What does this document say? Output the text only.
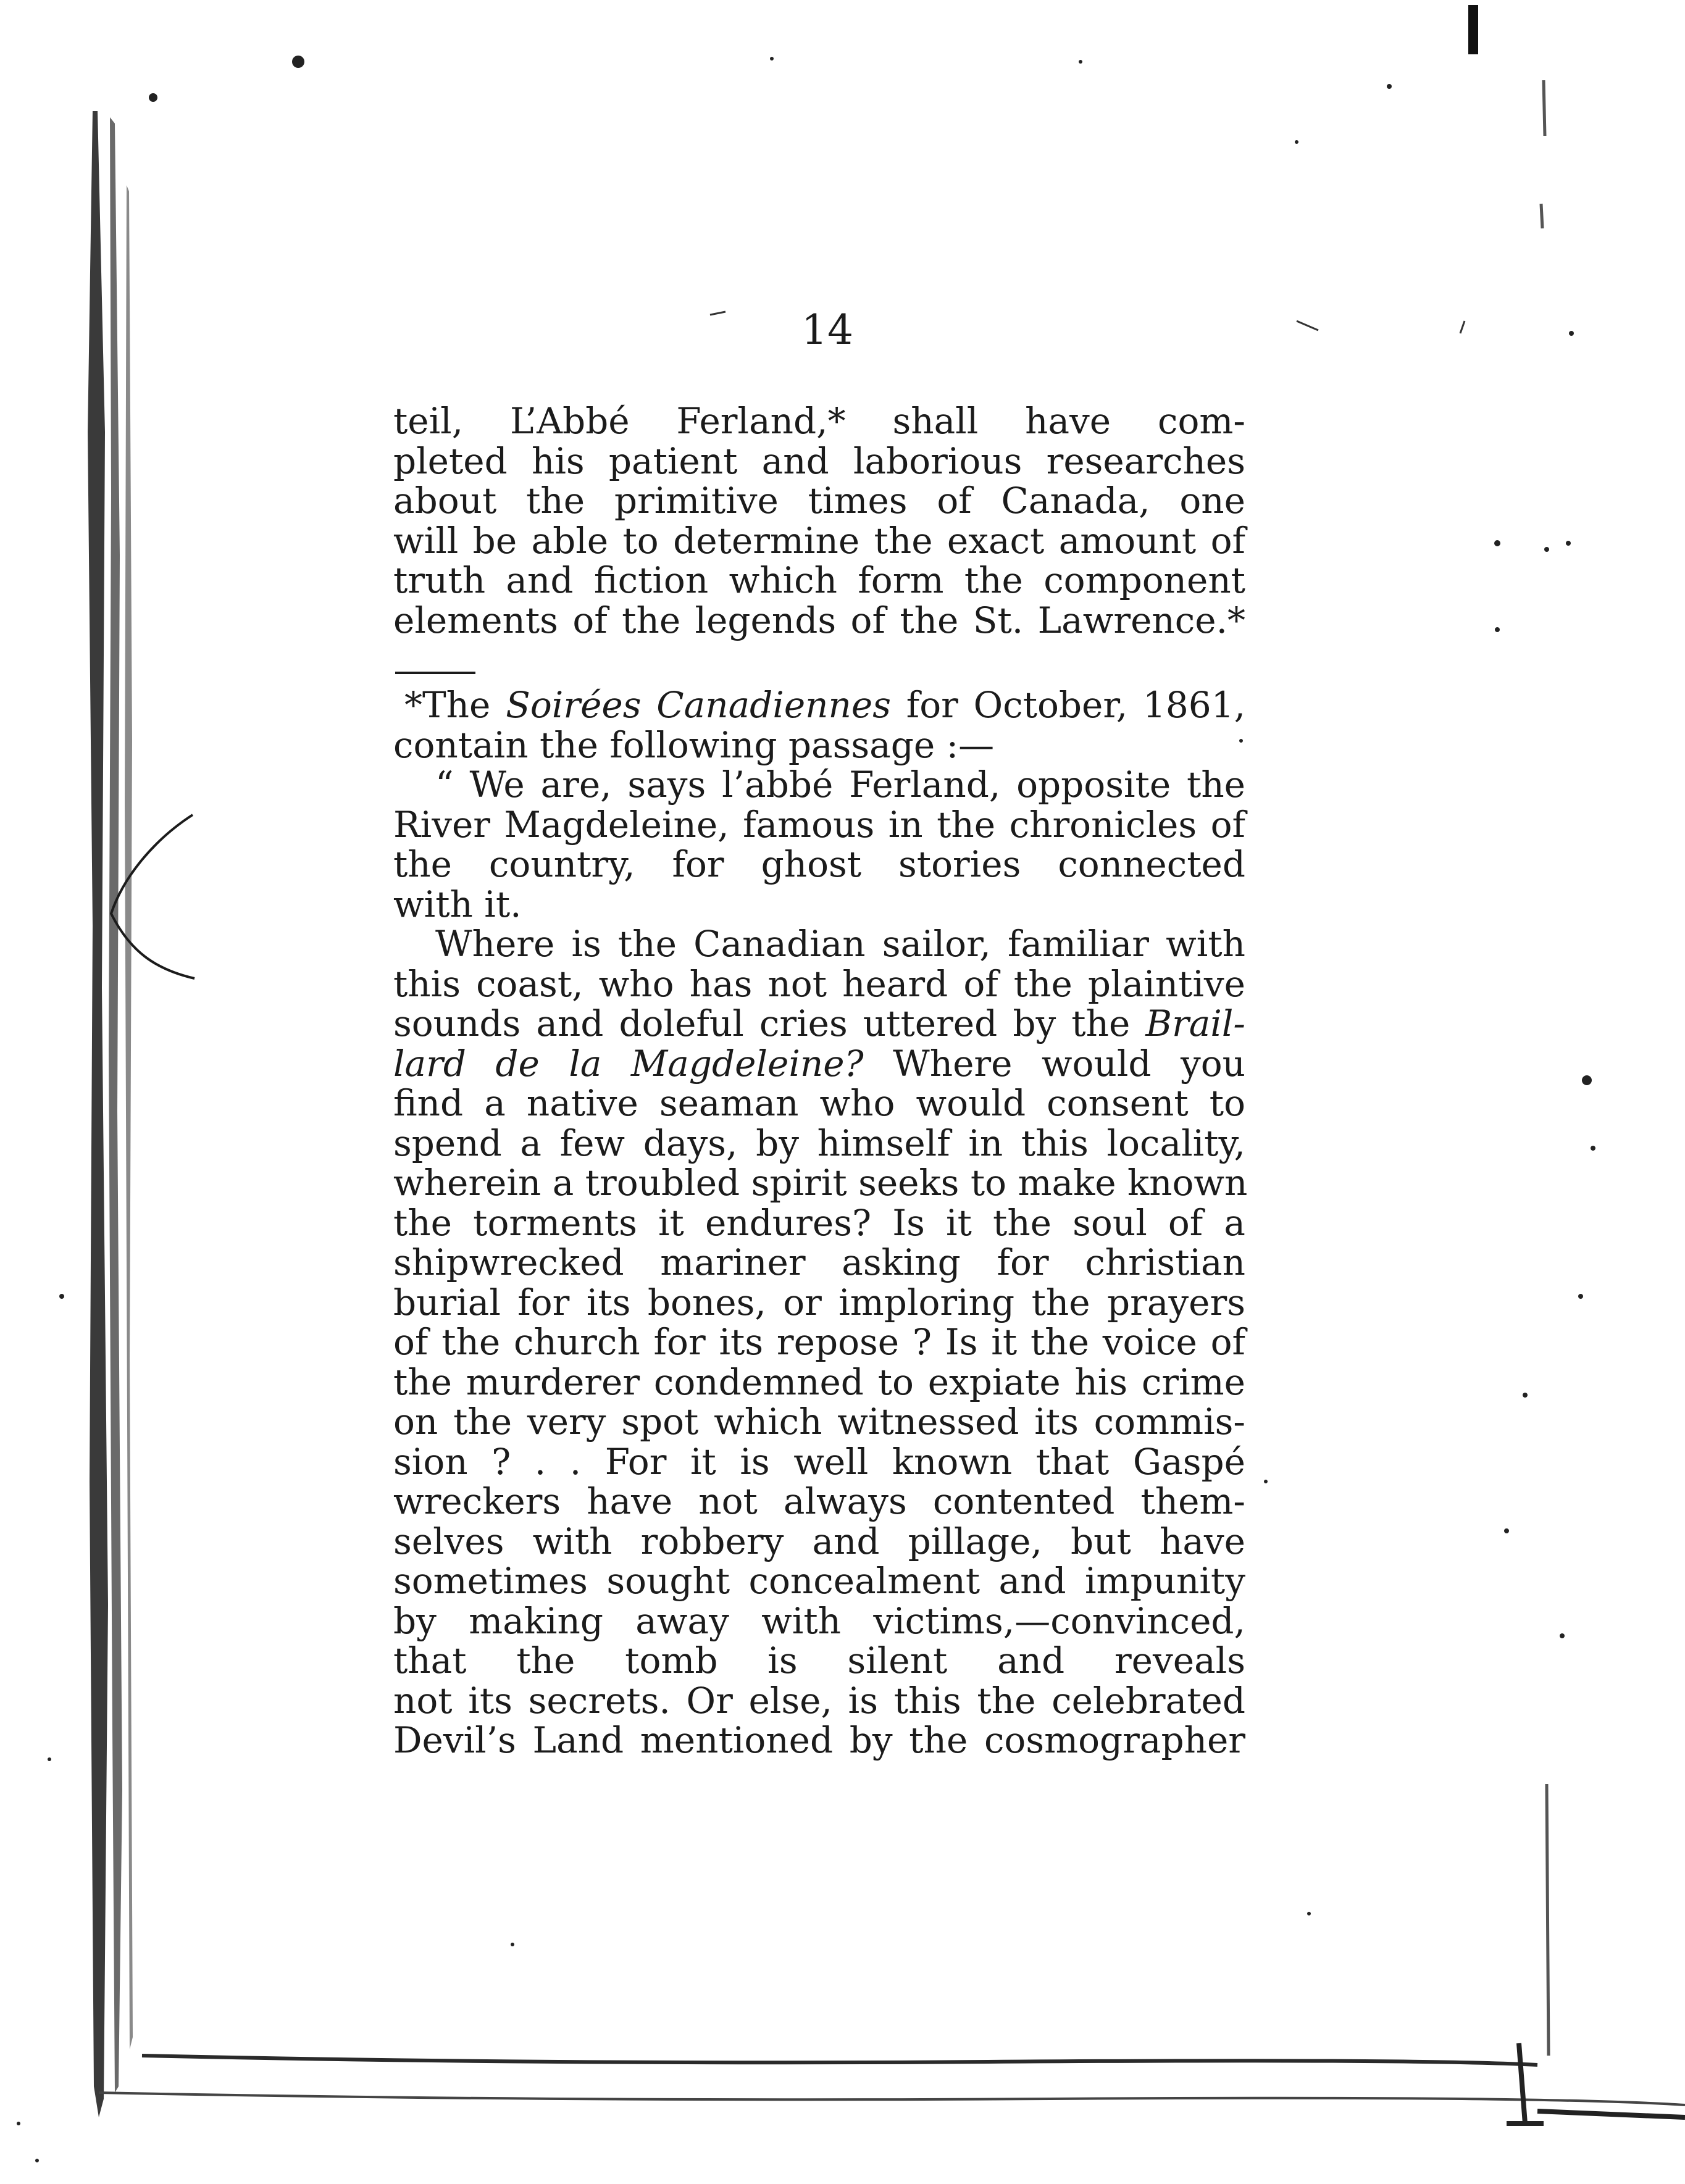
14
teil, L’Abbé Ferland,* shall have com-
pleted his patient and laborious researches
about the primitive times of Canada, one
will be able to determine the exact amount of
truth and fiction which form the component
elements of the legends of the St. Lawrence.*
*The Soirées Canadiennes for October, 1861,
contain the following passage :—
“ We are, says l’abbé Ferland, opposite the
River Magdeleine, famous in the chronicles of
the country, for ghost stories connected
with it.
Where is the Canadian sailor, familiar with
this coast, who has not heard of the plaintive
sounds and doleful cries uttered by the Brail-
lard de la Magdeleine? Where would you
find a native seaman who would consent to
spend a few days, by himself in this locality,
wherein a troubled spirit seeks to make known
the torments it endures? Is it the soul of a
shipwrecked mariner asking for christian
burial for its bones, or imploring the prayers
of the church for its repose ? Is it the voice of
the murderer condemned to expiate his crime
on the very spot which witnessed its commis-
sion ? . . For it is well known that Gaspé
wreckers have not always contented them-
selves with robbery and pillage, but have
sometimes sought concealment and impunity
by making away with victims,—convinced,
that the tomb is silent and reveals
not its secrets. Or else, is this the celebrated
Devil’s Land mentioned by the cosmographer
